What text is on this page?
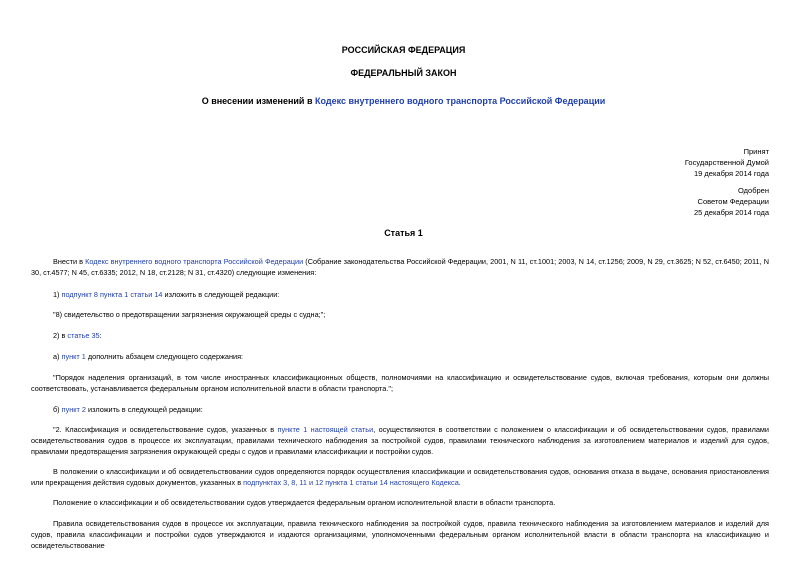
РОССИЙСКАЯ ФЕДЕРАЦИЯ
ФЕДЕРАЛЬНЫЙ ЗАКОН
О внесении изменений в Кодекс внутреннего водного транспорта Российской Федерации
Принят
Государственной Думой
19 декабря 2014 года
Одобрен
Советом Федерации
25 декабря 2014 года
Статья 1
Внести в Кодекс внутреннего водного транспорта Российской Федерации (Собрание законодательства Российской Федерации, 2001, N 11, ст.1001; 2003, N 14, ст.1256; 2009, N 29, ст.3625; N 52, ст.6450; 2011, N 30, ст.4577; N 45, ст.6335; 2012, N 18, ст.2128; N 31, ст.4320) следующие изменения:
1) подпункт 8 пункта 1 статьи 14 изложить в следующей редакции:
"8) свидетельство о предотвращении загрязнения окружающей среды с судна;";
2) в статье 35:
а) пункт 1 дополнить абзацем следующего содержания:
"Порядок наделения организаций, в том числе иностранных классификационных обществ, полномочиями на классификацию и освидетельствование судов, включая требования, которым они должны соответствовать, устанавливается федеральным органом исполнительной власти в области транспорта.";
б) пункт 2 изложить в следующей редакции:
"2. Классификация и освидетельствование судов, указанных в пункте 1 настоящей статьи, осуществляются в соответствии с положением о классификации и об освидетельствовании судов, правилами освидетельствования судов в процессе их эксплуатации, правилами технического наблюдения за постройкой судов, правилами технического наблюдения за изготовлением материалов и изделий для судов, правилами предотвращения загрязнения окружающей среды с судов и правилами классификации и постройки судов.
В положении о классификации и об освидетельствовании судов определяются порядок осуществления классификации и освидетельствования судов, основания отказа в выдаче, основания приостановления или прекращения действия судовых документов, указанных в подпунктах 3, 8, 11 и 12 пункта 1 статьи 14 настоящего Кодекса.
Положение о классификации и об освидетельствовании судов утверждается федеральным органом исполнительной власти в области транспорта.
Правила освидетельствования судов в процессе их эксплуатации, правила технического наблюдения за постройкой судов, правила технического наблюдения за изготовлением материалов и изделий для судов, правила классификации и постройки судов утверждаются и издаются организациями, уполномоченными федеральным органом исполнительной власти в области транспорта на классификацию и освидетельствование
